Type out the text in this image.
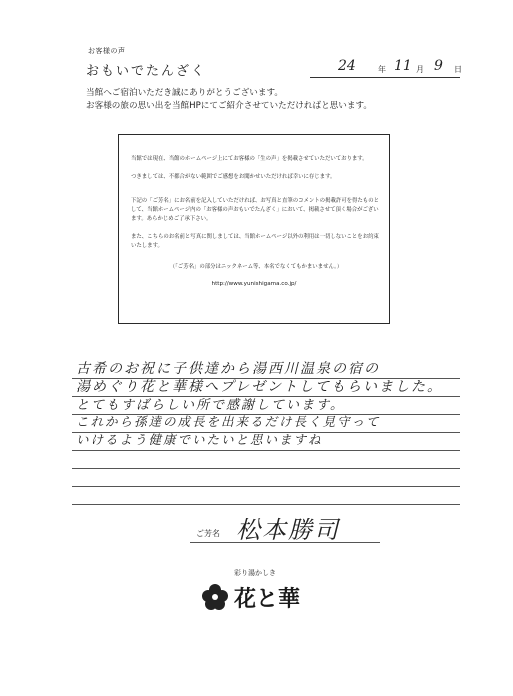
お客様の声
おもいでたんざく	24	年 11 月 9 日
当館へご宿泊いただき誠にありがとうございます。
お客様の旅の思い出を当館HPにてご紹介させていただければと思います。
当館では現在、当館のホームページ上にてお客様の「生の声」を掲載させていただいております。
つきましては、不都合がない範囲でご感想をお聞かせいただければ幸いに存じます。
下記の「ご芳名」にお名前を記入していただければ、お写真と直筆のコメントの掲載許可を得たものとして、当館ホームページ内の「お客様の声おもいでたんざく」において、掲載させて頂く場合がございます。あらかじめご了承下さい。
また、こちらのお名前と写真に関しましては、当館ホームページ以外の利用は一切しないことをお約束いたします。
（「ご芳名」の部分はニックネーム等、本名でなくてもかまいません。）
http://www.yunishigama.co.jp/
古希のお祝に子供達から湯西川温泉の宿の
湯めぐり花と華様へプレゼントしてもらいました。
とてもすばらしい所で感謝しています。
これから孫達の成長を出来るだけ長く見守って
いけるよう健康でいたいと思いますね
ご芳名 松本勝司
彩り湯かしき
花と華
